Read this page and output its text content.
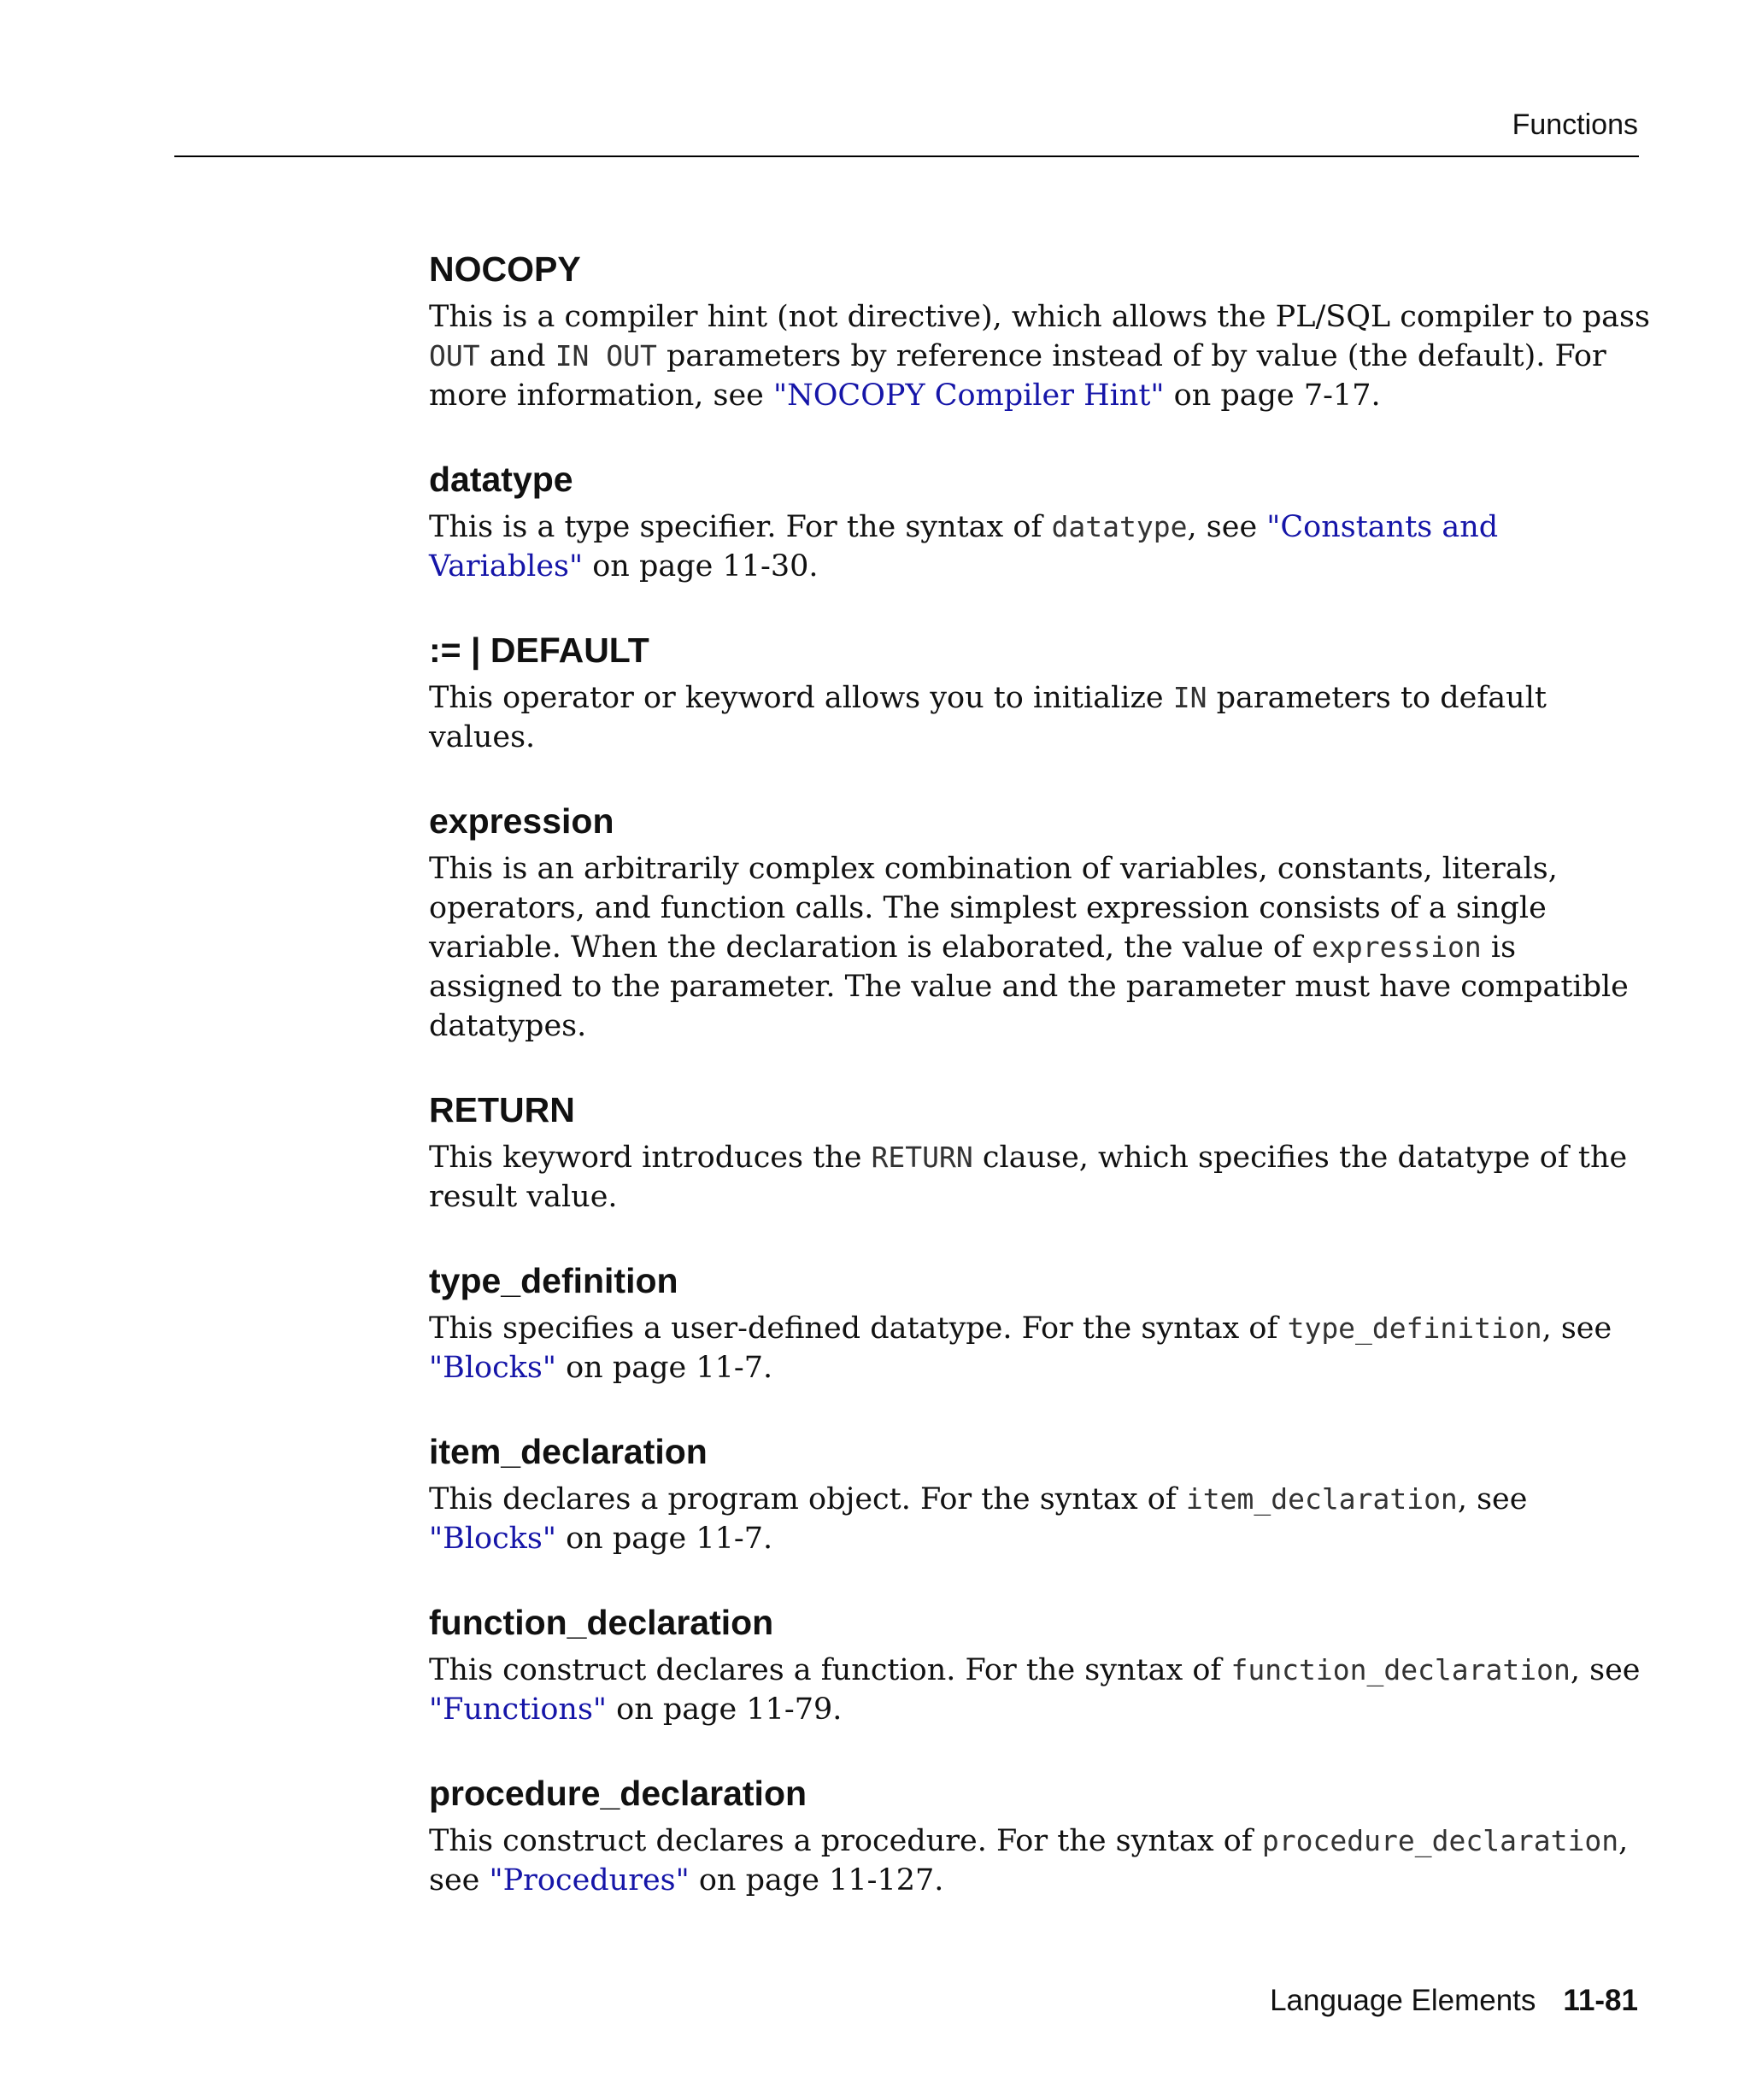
Functions
NOCOPY

This is a compiler hint (not directive), which allows the PL/SQL compiler to pass OUT and IN OUT parameters by reference instead of by value (the default). For more information, see "NOCOPY Compiler Hint" on page 7-17.

datatype

This is a type specifier. For the syntax of datatype, see "Constants and Variables" on page 11-30.

:= | DEFAULT

This operator or keyword allows you to initialize IN parameters to default values.

expression

This is an arbitrarily complex combination of variables, constants, literals, operators, and function calls. The simplest expression consists of a single variable. When the declaration is elaborated, the value of expression is assigned to the parameter. The value and the parameter must have compatible datatypes.

RETURN

This keyword introduces the RETURN clause, which specifies the datatype of the result value.

type_definition

This specifies a user-defined datatype. For the syntax of type_definition, see "Blocks" on page 11-7.

item_declaration

This declares a program object. For the syntax of item_declaration, see "Blocks" on page 11-7.

function_declaration

This construct declares a function. For the syntax of function_declaration, see "Functions" on page 11-79.

procedure_declaration

This construct declares a procedure. For the syntax of procedure_declaration, see "Procedures" on page 11-127.

Language Elements 11-81
